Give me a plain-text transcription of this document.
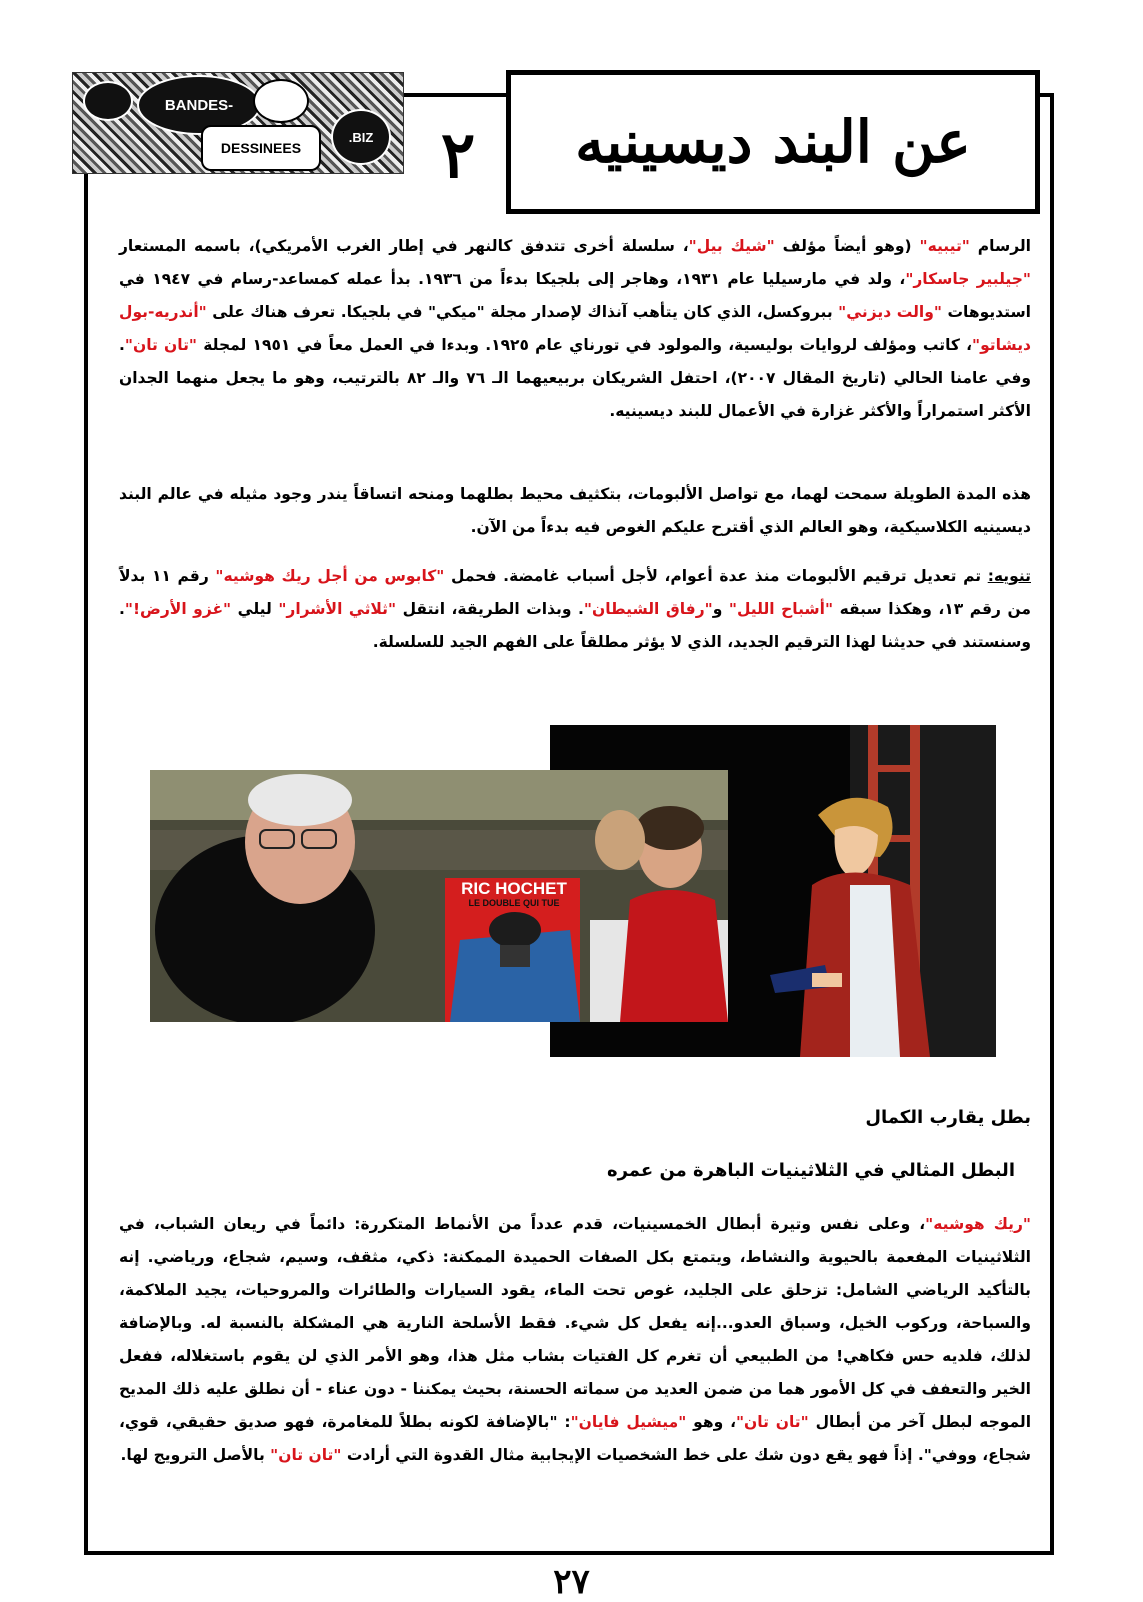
BANDES-
DESSINEES
.BIZ	٢	عن البند ديسينيه

الرسام "تيبيه" (وهو أيضاً مؤلف "شيك بيل"، سلسلة أخرى تتدفق كالنهر في إطار الغرب الأمريكي)، باسمه المستعار "جيلبير جاسكار"، ولد في مارسيليا عام ١٩٣١، وهاجر إلى بلجيكا بدءاً من ١٩٣٦. بدأ عمله كمساعد-رسام في ١٩٤٧ في استديوهات "والت ديزني" ببروكسل، الذي كان يتأهب آنذاك لإصدار مجلة "ميكي" في بلجيكا. تعرف هناك على "أندريه-بول ديشاتو"، كاتب ومؤلف لروايات بوليسية، والمولود في تورناي عام ١٩٢٥. وبدءا في العمل معاً في ١٩٥١ لمجلة "تان تان". وفي عامنا الحالي (تاريخ المقال ٢٠٠٧)، احتفل الشريكان بربيعيهما الـ ٧٦ والـ ٨٢ بالترتيب، وهو ما يجعل منهما الجدان الأكثر استمراراً والأكثر غزارة في الأعمال للبند ديسينيه.

هذه المدة الطويلة سمحت لهما، مع تواصل الألبومات، بتكثيف محيط بطلهما ومنحه اتساقاً يندر وجود مثيله في عالم البند ديسينيه الكلاسيكية، وهو العالم الذي أقترح عليكم الغوص فيه بدءاً من الآن.

تنويه: تم تعديل ترقيم الألبومات منذ عدة أعوام، لأجل أسباب غامضة. فحمل "كابوس من أجل ريك هوشيه" رقم ١١ بدلاً من رقم ١٣، وهكذا سبقه "أشباح الليل" و"رفاق الشيطان". وبذات الطريقة، انتقل "ثلاثي الأشرار" ليلي "غزو الأرض!". وسنستند في حديثنا لهذا الترقيم الجديد، الذي لا يؤثر مطلقاً على الفهم الجيد للسلسلة.

RIC HOCHET
LE DOUBLE QUI TUE
بطل يقارب الكمال
البطل المثالي في الثلاثينيات الباهرة من عمره

"ريك هوشيه"، وعلى نفس وتيرة أبطال الخمسينيات، قدم عدداً من الأنماط المتكررة: دائماً في ريعان الشباب، في الثلاثينيات المفعمة بالحيوية والنشاط، ويتمتع بكل الصفات الحميدة الممكنة: ذكي، مثقف، وسيم، شجاع، ورياضي. إنه بالتأكيد الرياضي الشامل: تزحلق على الجليد، غوص تحت الماء، يقود السيارات والطائرات والمروحيات، يجيد الملاكمة، والسباحة، وركوب الخيل، وسباق العدو...إنه يفعل كل شيء. فقط الأسلحة النارية هي المشكلة بالنسبة له. وبالإضافة لذلك، فلديه حس فكاهي! من الطبيعي أن تغرم كل الفتيات بشاب مثل هذا، وهو الأمر الذي لن يقوم باستغلاله، ففعل الخير والتعفف في كل الأمور هما من ضمن العديد من سماته الحسنة، بحيث يمكننا - دون عناء - أن نطلق عليه ذلك المديح الموجه لبطل آخر من أبطال "تان تان"، وهو "ميشيل فايان": "بالإضافة لكونه بطلاً للمغامرة، فهو صديق حقيقي، قوي، شجاع، ووفي". إذاً فهو يقع دون شك على خط الشخصيات الإيجابية مثال القدوة التي أرادت "تان تان" بالأصل الترويج لها.

٢٧
